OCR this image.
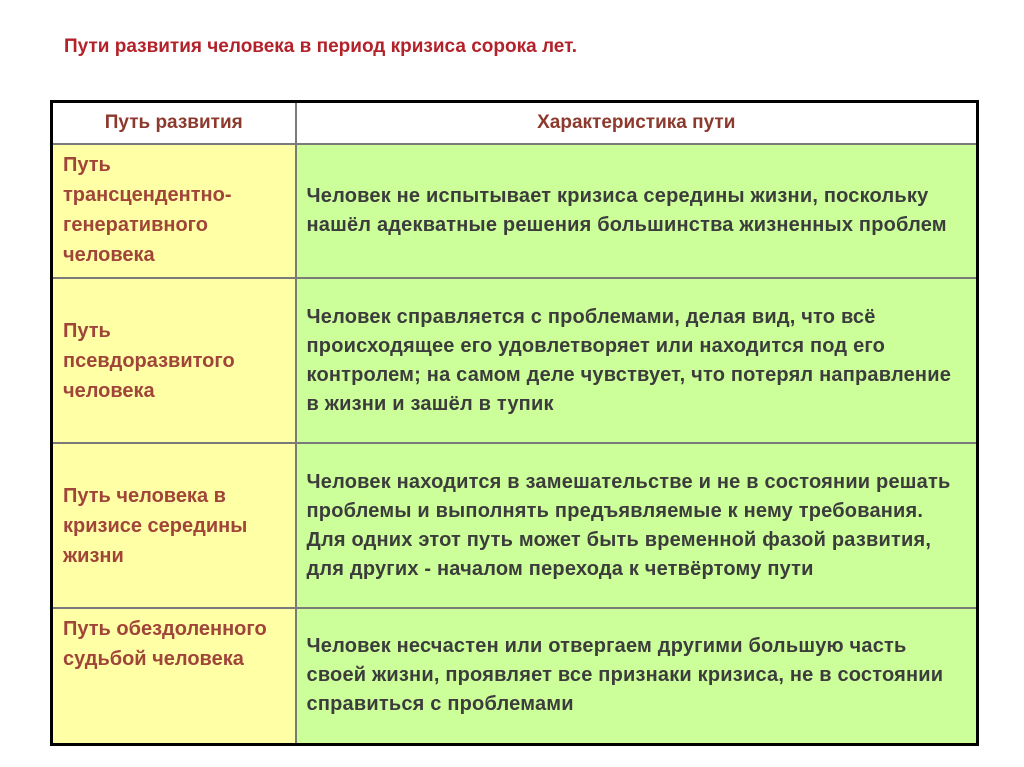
Пути развития человека в период кризиса сорока лет.
Путь развития	Характеристика пути
Путь трансцендентно-генеративного человека	Человек не испытывает кризиса середины жизни, поскольку нашёл адекватные решения большинства жизненных проблем
Путь псевдоразвитого человека	Человек справляется с проблемами, делая вид, что всё происходящее его удовлетворяет или находится под его контролем; на самом деле чувствует, что потерял направление в жизни и зашёл в тупик
Путь человека в кризисе середины жизни	Человек находится в замешательстве и не в состоянии решать проблемы и выполнять предъявляемые к нему требования. Для одних этот путь может быть временной фазой развития, для других - началом перехода к четвёртому пути
Путь обездоленного судьбой человека	Человек несчастен или отвергаем другими большую часть своей жизни, проявляет все признаки кризиса, не в состоянии справиться с проблемами
